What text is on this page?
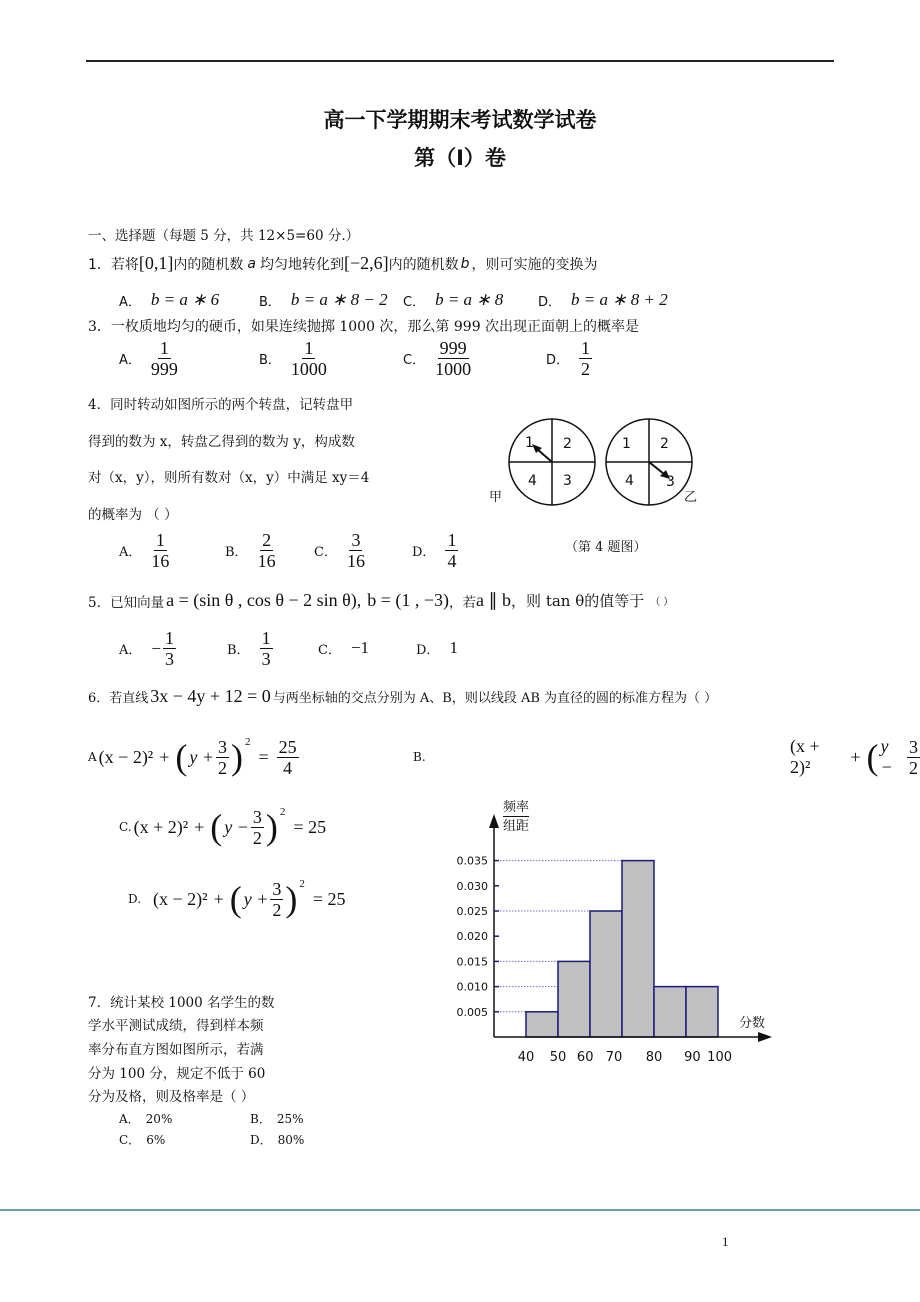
高一下学期期末考试数学试卷
第（I）卷
一、选择题（每题 5 分，共 12×5=60 分.）
1．若将 [0,1] 内的随机数 a 均匀地转化到 [−2,6] 内的随机数 b ，则可实施的变换为
A． b = a ∗ 6	B． b = a ∗ 8 − 2 C． b = a ∗ 8	D． b = a ∗ 8 + 2
3．一枚质地均匀的硬币，如果连续抛掷 1000 次，那么第 999 次出现正面朝上的概率是
A． $\frac{1}{999}$	B． $\frac{1}{1000}$	C． $\frac{999}{1000}$	D． $\frac{1}{2}$
4．同时转动如图所示的两个转盘，记转盘甲
得到的数为 x，转盘乙得到的数为 y，构成数
对（x，y），则所有数对（x，y）中满足 xy＝4
的概率为 （ ）
1 2
3
4
1 2
3
4
甲	乙
（第 4 题图）
A． $\frac{1}{16}$	B． $\frac{2}{16}$	C． $\frac{3}{16}$	D． $\frac{1}{4}$
5．已知向量 a = (sin θ , cos θ − 2 sin θ), b = (1 , −3) ，若 a ∥ b ，则 tan θ的值等于 （ ）
A． − $\frac{1}{3}$	B． $\frac{1}{3}$	C． −1	D． 1
6．若直线 3x − 4y + 12 = 0 与两坐标轴的交点分别为 A、B，则以线段 AB 为直径的圆的标准方程为（ ）
A (x − 2)² + ( $y + \frac{3}{2}$ ) 2
= $\frac{25}{4}$	B.
(x + 2)²
+ ( $y - \frac{3}{2}$
C. (x + 2)² + ( $y - \frac{3}{2}$ ) 2
= 25
D. (x − 2)² + ( $y + \frac{3}{2}$ ) 2
= 25
0.005
0.010
0.015
0.020
0.025
0.030
0.035
40 50 60 70 80 90 100
频率
组距
分数
7．统计某校 1000 名学生的数
学水平测试成绩，得到样本频
率分布直方图如图所示，若满
分为 100 分，规定不低于 60
分为及格，则及格率是（ ）
A． 20%	B． 25%
C． 6%	D． 80%
1
